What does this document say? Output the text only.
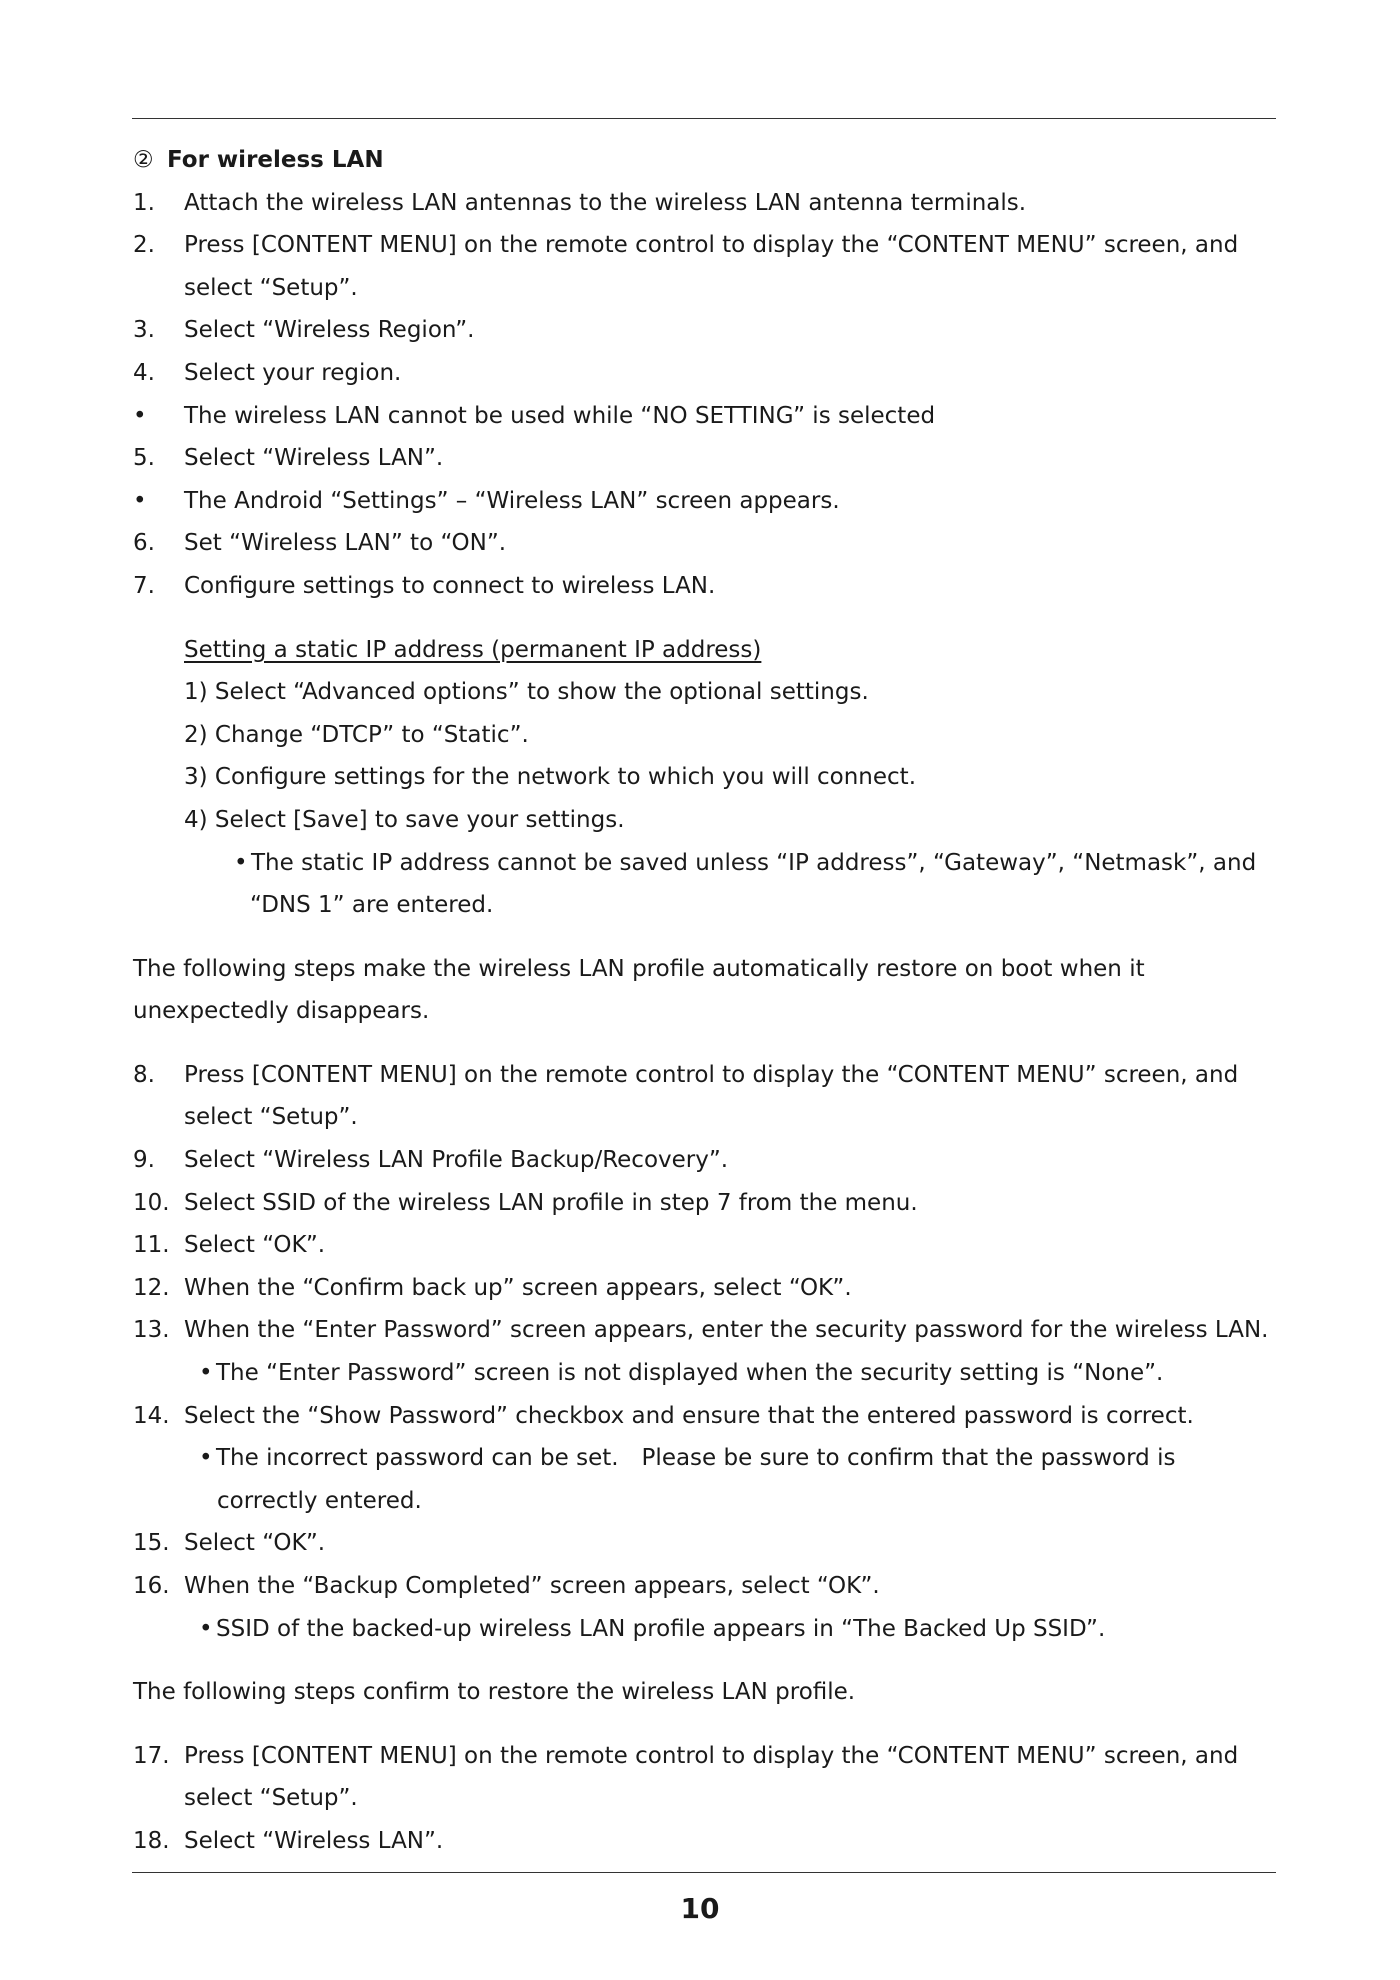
② For wireless LAN
1. Attach the wireless LAN antennas to the wireless LAN antenna terminals.
2. Press [CONTENT MENU] on the remote control to display the “CONTENT MENU” screen, and
select “Setup”.
3. Select “Wireless Region”.
4. Select your region.
• The wireless LAN cannot be used while “NO SETTING” is selected
5. Select “Wireless LAN”.
• The Android “Settings” – “Wireless LAN” screen appears.
6. Set “Wireless LAN” to “ON”.
7. Configure settings to connect to wireless LAN.
Setting a static IP address (permanent IP address)
1) Select “Advanced options” to show the optional settings.
2) Change “DTCP” to “Static”.
3) Configure settings for the network to which you will connect.
4) Select [Save] to save your settings.
• The static IP address cannot be saved unless “IP address”, “Gateway”, “Netmask”, and
“DNS 1” are entered.
The following steps make the wireless LAN profile automatically restore on boot when it
unexpectedly disappears.
8. Press [CONTENT MENU] on the remote control to display the “CONTENT MENU” screen, and
select “Setup”.
9. Select “Wireless LAN Profile Backup/Recovery”.
10. Select SSID of the wireless LAN profile in step 7 from the menu.
11. Select “OK”.
12. When the “Confirm back up” screen appears, select “OK”.
13. When the “Enter Password” screen appears, enter the security password for the wireless LAN.
• The “Enter Password” screen is not displayed when the security setting is “None”.
14. Select the “Show Password” checkbox and ensure that the entered password is correct.
• The incorrect password can be set.　Please be sure to confirm that the password is
correctly entered.
15. Select “OK”.
16. When the “Backup Completed” screen appears, select “OK”.
• SSID of the backed-up wireless LAN profile appears in “The Backed Up SSID”.
The following steps confirm to restore the wireless LAN profile.
17. Press [CONTENT MENU] on the remote control to display the “CONTENT MENU” screen, and
select “Setup”.
18. Select “Wireless LAN”.
10
